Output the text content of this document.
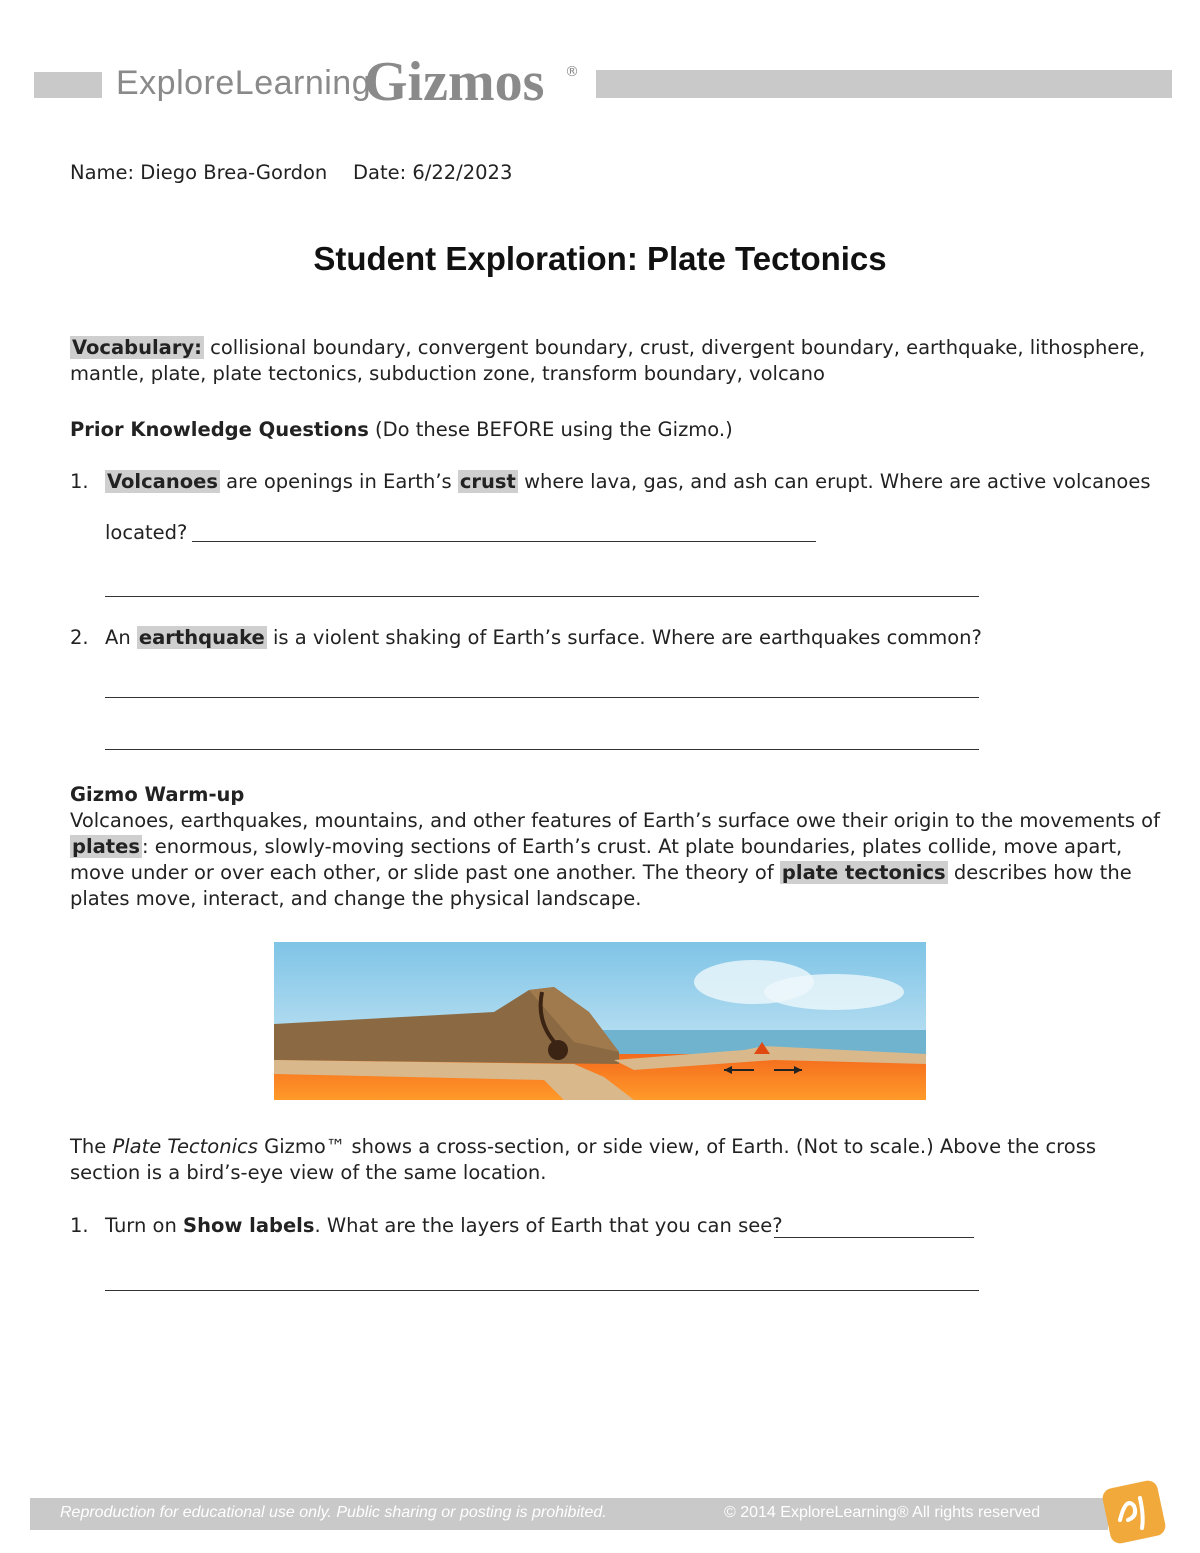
ExploreLearning
Gizmos ®
Name: Diego Brea-Gordon Date: 6/22/2023
Student Exploration: Plate Tectonics
Vocabulary: collisional boundary, convergent boundary, crust, divergent boundary, earthquake, lithosphere,
mantle, plate, plate tectonics, subduction zone, transform boundary, volcano
Prior Knowledge Questions (Do these BEFORE using the Gizmo.)
1. Volcanoes are openings in Earth’s crust where lava, gas, and ash can erupt. Where are active volcanoes
located?
2. An earthquake is a violent shaking of Earth’s surface. Where are earthquakes common?
Gizmo Warm-up
Volcanoes, earthquakes, mountains, and other features of Earth’s surface owe their origin to the movements of
plates : enormous, slowly-moving sections of Earth’s crust. At plate boundaries, plates collide, move apart,
move under or over each other, or slide past one another. The theory of plate tectonics describes how the
plates move, interact, and change the physical landscape.
The Plate Tectonics Gizmo™ shows a cross-section, or side view, of Earth. (Not to scale.) Above the cross
section is a bird’s-eye view of the same location.
1. Turn on Show labels. What are the layers of Earth that you can see?
Reproduction for educational use only. Public sharing or posting is prohibited.	© 2014 ExploreLearning® All rights reserved
